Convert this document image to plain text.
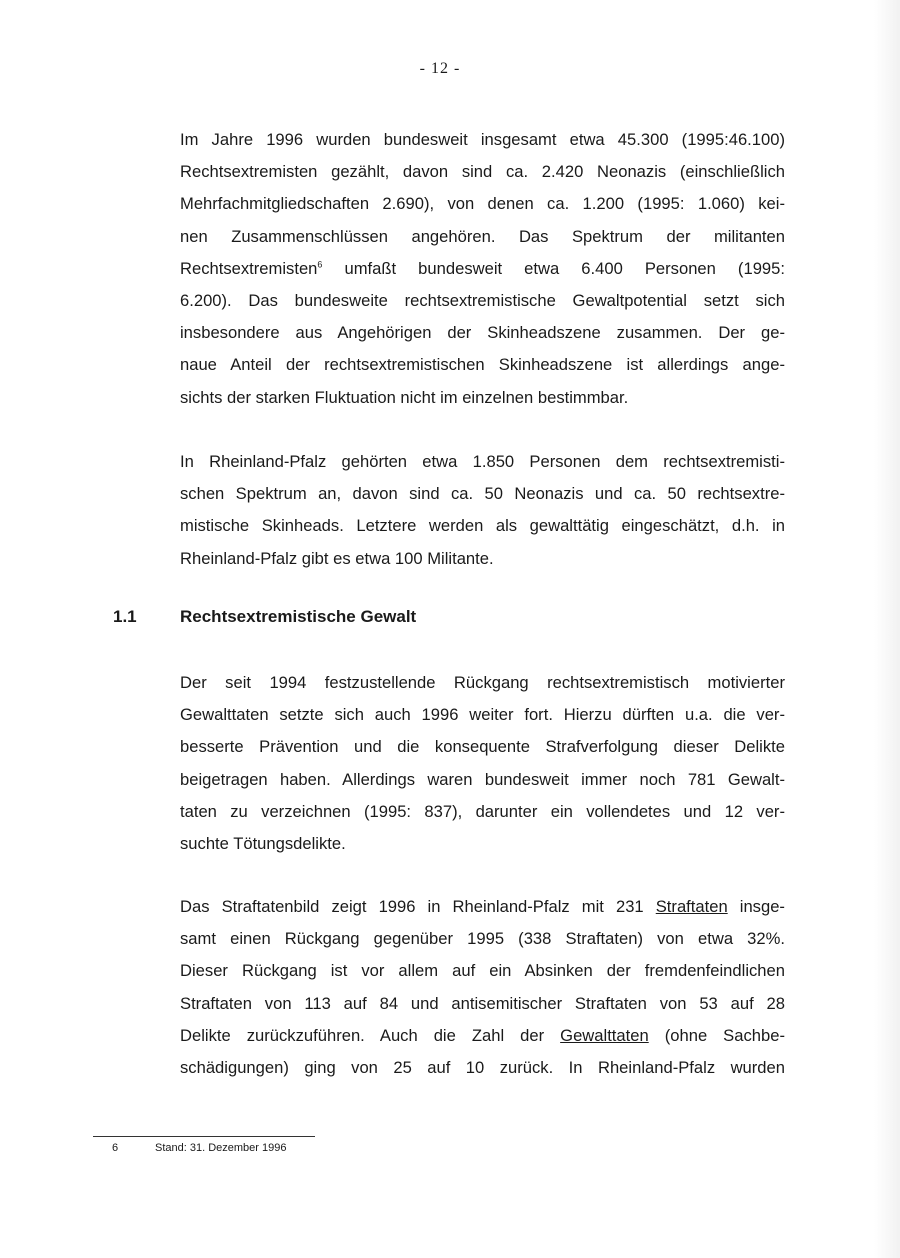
- 12 -
Im Jahre 1996 wurden bundesweit insgesamt etwa 45.300 (1995:46.100)
Rechtsextremisten gezählt, davon sind ca. 2.420 Neonazis (einschließlich
Mehrfachmitgliedschaften 2.690), von denen ca. 1.200 (1995: 1.060) kei-
nen Zusammenschlüssen angehören. Das Spektrum der militanten
Rechtsextremisten$^6$ umfaßt bundesweit etwa 6.400 Personen (1995:
6.200). Das bundesweite rechtsextremistische Gewaltpotential setzt sich
insbesondere aus Angehörigen der Skinheadszene zusammen. Der ge-
naue Anteil der rechtsextremistischen Skinheadszene ist allerdings ange-
sichts der starken Fluktuation nicht im einzelnen bestimmbar.
In Rheinland-Pfalz gehörten etwa 1.850 Personen dem rechtsextremisti-
schen Spektrum an, davon sind ca. 50 Neonazis und ca. 50 rechtsextre-
mistische Skinheads. Letztere werden als gewalttätig eingeschätzt, d.h. in
Rheinland-Pfalz gibt es etwa 100 Militante.
1.1	Rechtsextremistische Gewalt
Der seit 1994 festzustellende Rückgang rechtsextremistisch motivierter
Gewalttaten setzte sich auch 1996 weiter fort. Hierzu dürften u.a. die ver-
besserte Prävention und die konsequente Strafverfolgung dieser Delikte
beigetragen haben. Allerdings waren bundesweit immer noch 781 Gewalt-
taten zu verzeichnen (1995: 837), darunter ein vollendetes und 12 ver-
suchte Tötungsdelikte.
Das Straftatenbild zeigt 1996 in Rheinland-Pfalz mit 231 Straftaten insge-
samt einen Rückgang gegenüber 1995 (338 Straftaten) von etwa 32%.
Dieser Rückgang ist vor allem auf ein Absinken der fremdenfeindlichen
Straftaten von 113 auf 84 und antisemitischer Straftaten von 53 auf 28
Delikte zurückzuführen. Auch die Zahl der Gewalttaten (ohne Sachbe-
schädigungen) ging von 25 auf 10 zurück. In Rheinland-Pfalz wurden
6	Stand: 31. Dezember 1996
